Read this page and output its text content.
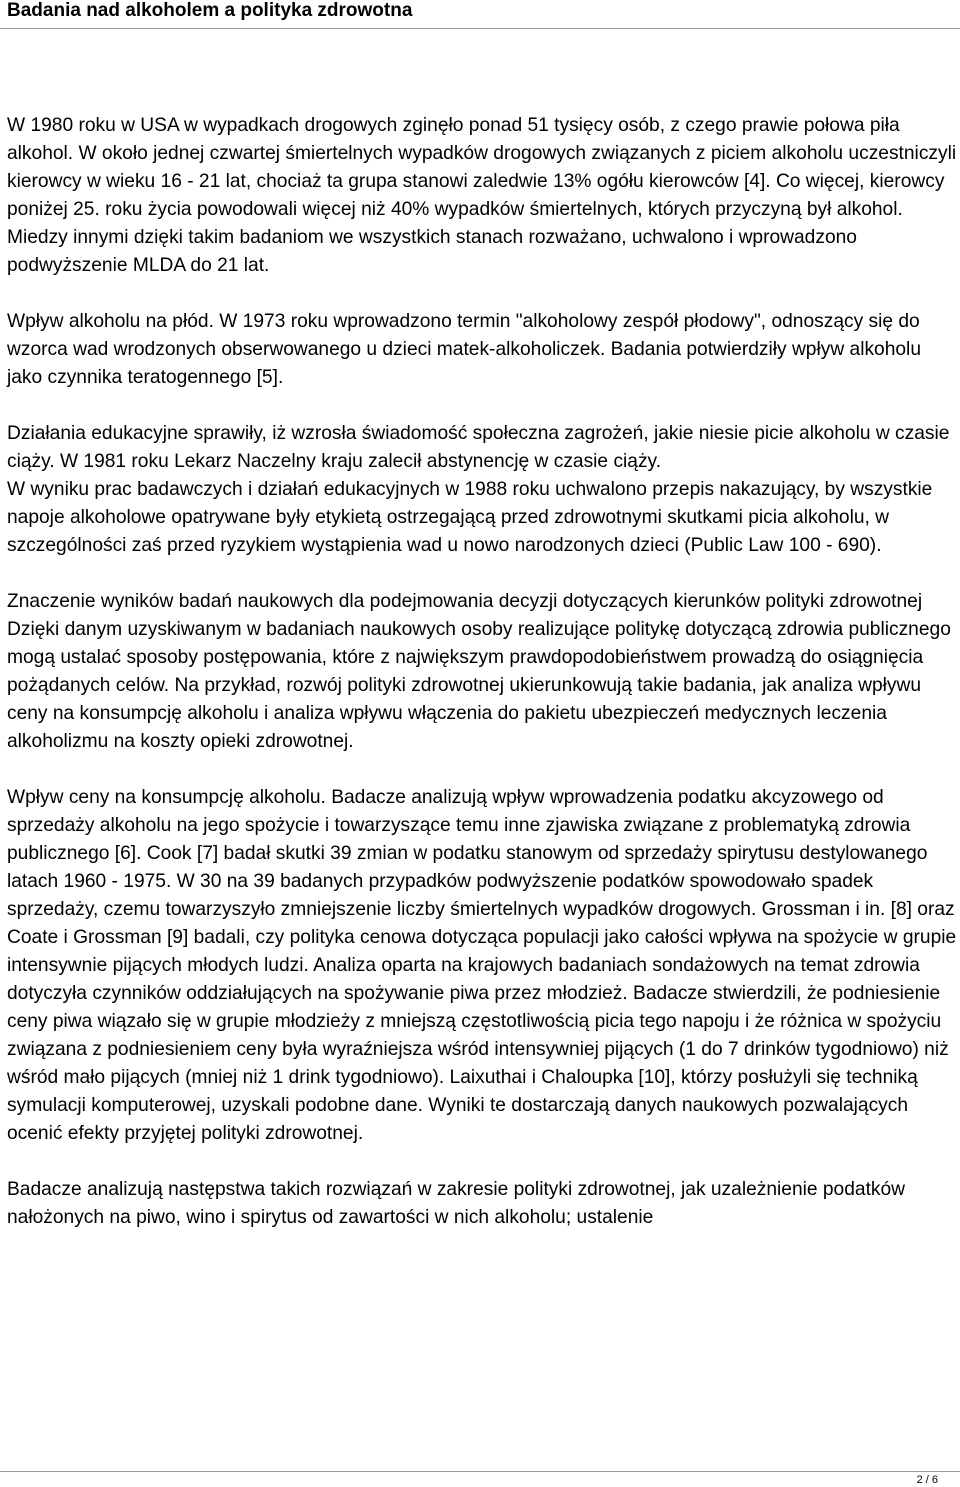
Badania nad alkoholem a polityka zdrowotna

W 1980 roku w USA w wypadkach drogowych zginęło ponad 51 tysięcy osób, z czego prawie połowa piła alkohol. W około jednej czwartej śmiertelnych wypadków drogowych związanych z piciem alkoholu uczestniczyli kierowcy w wieku 16 - 21 lat, chociaż ta grupa stanowi zaledwie 13% ogółu kierowców [4]. Co więcej, kierowcy poniżej 25. roku życia powodowali więcej niż 40% wypadków śmiertelnych, których przyczyną był alkohol. Miedzy innymi dzięki takim badaniom we wszystkich stanach rozważano, uchwalono i wprowadzono podwyższenie MLDA do 21 lat.

Wpływ alkoholu na płód. W 1973 roku wprowadzono termin "alkoholowy zespół płodowy", odnoszący się do wzorca wad wrodzonych obserwowanego u dzieci matek-alkoholiczek. Badania potwierdziły wpływ alkoholu jako czynnika teratogennego [5].

Działania edukacyjne sprawiły, iż wzrosła świadomość społeczna zagrożeń, jakie niesie picie alkoholu w czasie ciąży. W 1981 roku Lekarz Naczelny kraju zalecił abstynencję w czasie ciąży.

W wyniku prac badawczych i działań edukacyjnych w 1988 roku uchwalono przepis nakazujący, by wszystkie napoje alkoholowe opatrywane były etykietą ostrzegającą przed zdrowotnymi skutkami picia alkoholu, w szczególności zaś przed ryzykiem wystąpienia wad u nowo narodzonych dzieci (Public Law 100 - 690).

Znaczenie wyników badań naukowych dla podejmowania decyzji dotyczących kierunków polityki zdrowotnej

Dzięki danym uzyskiwanym w badaniach naukowych osoby realizujące politykę dotyczącą zdrowia publicznego mogą ustalać sposoby postępowania, które z największym prawdopodobieństwem prowadzą do osiągnięcia pożądanych celów. Na przykład, rozwój polityki zdrowotnej ukierunkowują takie badania, jak analiza wpływu ceny na konsumpcję alkoholu i analiza wpływu włączenia do pakietu ubezpieczeń medycznych leczenia alkoholizmu na koszty opieki zdrowotnej.

Wpływ ceny na konsumpcję alkoholu. Badacze analizują wpływ wprowadzenia podatku akcyzowego od sprzedaży alkoholu na jego spożycie i towarzyszące temu inne zjawiska związane z problematyką zdrowia publicznego [6]. Cook [7] badał skutki 39 zmian w podatku stanowym od sprzedaży spirytusu destylowanego latach 1960 - 1975. W 30 na 39 badanych przypadków podwyższenie podatków spowodowało spadek sprzedaży, czemu towarzyszyło zmniejszenie liczby śmiertelnych wypadków drogowych. Grossman i in. [8] oraz Coate i Grossman [9] badali, czy polityka cenowa dotycząca populacji jako całości wpływa na spożycie w grupie intensywnie pijących młodych ludzi. Analiza oparta na krajowych badaniach sondażowych na temat zdrowia dotyczyła czynników oddziałujących na spożywanie piwa przez młodzież. Badacze stwierdzili, że podniesienie ceny piwa wiązało się w grupie młodzieży z mniejszą częstotliwością picia tego napoju i że różnica w spożyciu związana z podniesieniem ceny była wyraźniejsza wśród intensywniej pijących (1 do 7 drinków tygodniowo) niż wśród mało pijących (mniej niż 1 drink tygodniowo). Laixuthai i Chaloupka [10], którzy posłużyli się techniką symulacji komputerowej, uzyskali podobne dane. Wyniki te dostarczają danych naukowych pozwalających ocenić efekty przyjętej polityki zdrowotnej.

Badacze analizują następstwa takich rozwiązań w zakresie polityki zdrowotnej, jak uzależnienie podatków nałożonych na piwo, wino i spirytus od zawartości w nich alkoholu; ustalenie

2 / 6
